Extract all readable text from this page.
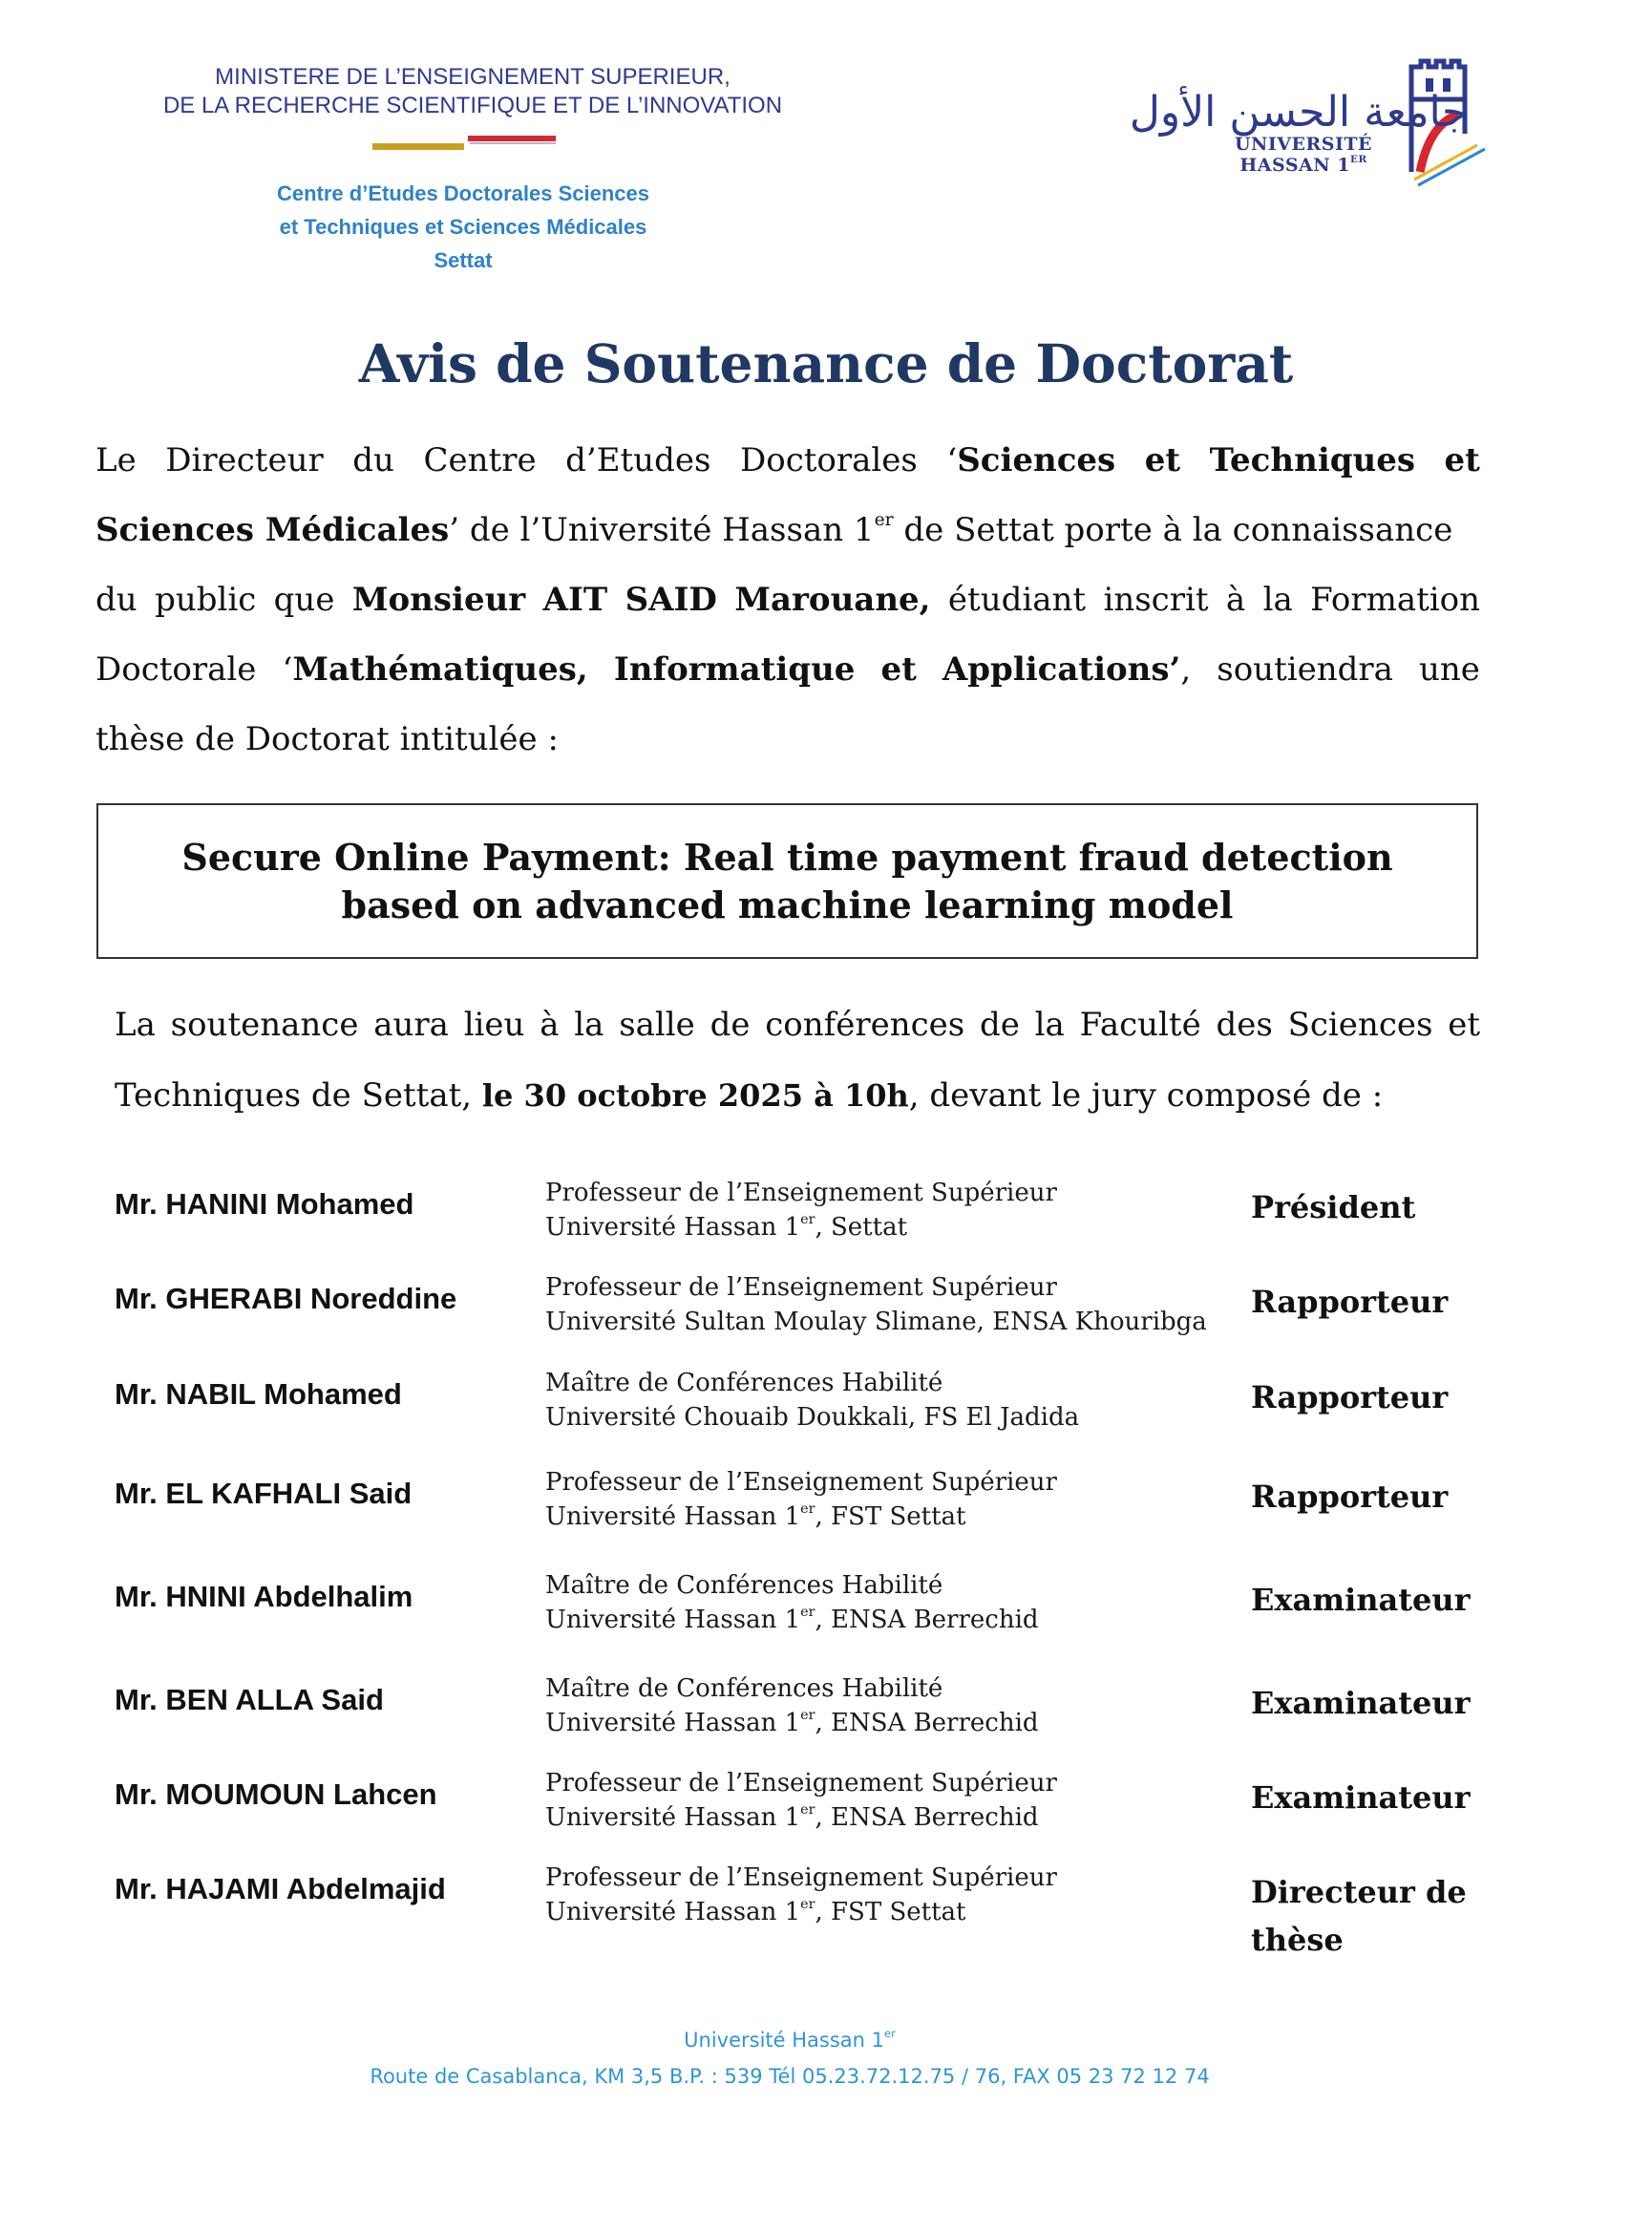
MINISTERE DE L’ENSEIGNEMENT SUPERIEUR,
DE LA RECHERCHE SCIENTIFIQUE ET DE L’INNOVATION
Centre d’Etudes Doctorales Sciences
et Techniques et Sciences Médicales
Settat
جامعة الحسن الأول
UNIVERSITÉ HASSAN 1ER
Avis de Soutenance de Doctorat
Le Directeur du Centre d’Etudes Doctorales ‘Sciences et Techniques et
Sciences Médicales’ de l’Université Hassan 1er de Settat porte à la connaissance
du public que Monsieur AIT SAID Marouane, étudiant inscrit à la Formation
Doctorale ‘Mathématiques, Informatique et Applications’, soutiendra une
thèse de Doctorat intitulée :
Secure Online Payment: Real time payment fraud detection based on advanced machine learning model
La soutenance aura lieu à la salle de conférences de la Faculté des Sciences et
Techniques de Settat, le 30 octobre 2025 à 10h, devant le jury composé de :
Mr. HANINI Mohamed	Professeur de l’Enseignement Supérieur
Université Hassan 1er, Settat
Président
Mr. GHERABI Noreddine	Professeur de l’Enseignement Supérieur
Université Sultan Moulay Slimane, ENSA Khouribga
Rapporteur
Mr. NABIL Mohamed	Maître de Conférences Habilité
Université Chouaib Doukkali, FS El Jadida
Rapporteur
Mr. EL KAFHALI Said	Professeur de l’Enseignement Supérieur
Université Hassan 1er, FST Settat
Rapporteur
Mr. HNINI Abdelhalim	Maître de Conférences Habilité
Université Hassan 1er, ENSA Berrechid
Examinateur
Mr. BEN ALLA Said	Maître de Conférences Habilité
Université Hassan 1er, ENSA Berrechid
Examinateur
Mr. MOUMOUN Lahcen	Professeur de l’Enseignement Supérieur
Université Hassan 1er, ENSA Berrechid
Examinateur
Mr. HAJAMI Abdelmajid	Professeur de l’Enseignement Supérieur
Université Hassan 1er, FST Settat
Directeur de thèse
Université Hassan 1er
Route de Casablanca, KM 3,5 B.P. : 539 Tél 05.23.72.12.75 / 76, FAX 05 23 72 12 74
